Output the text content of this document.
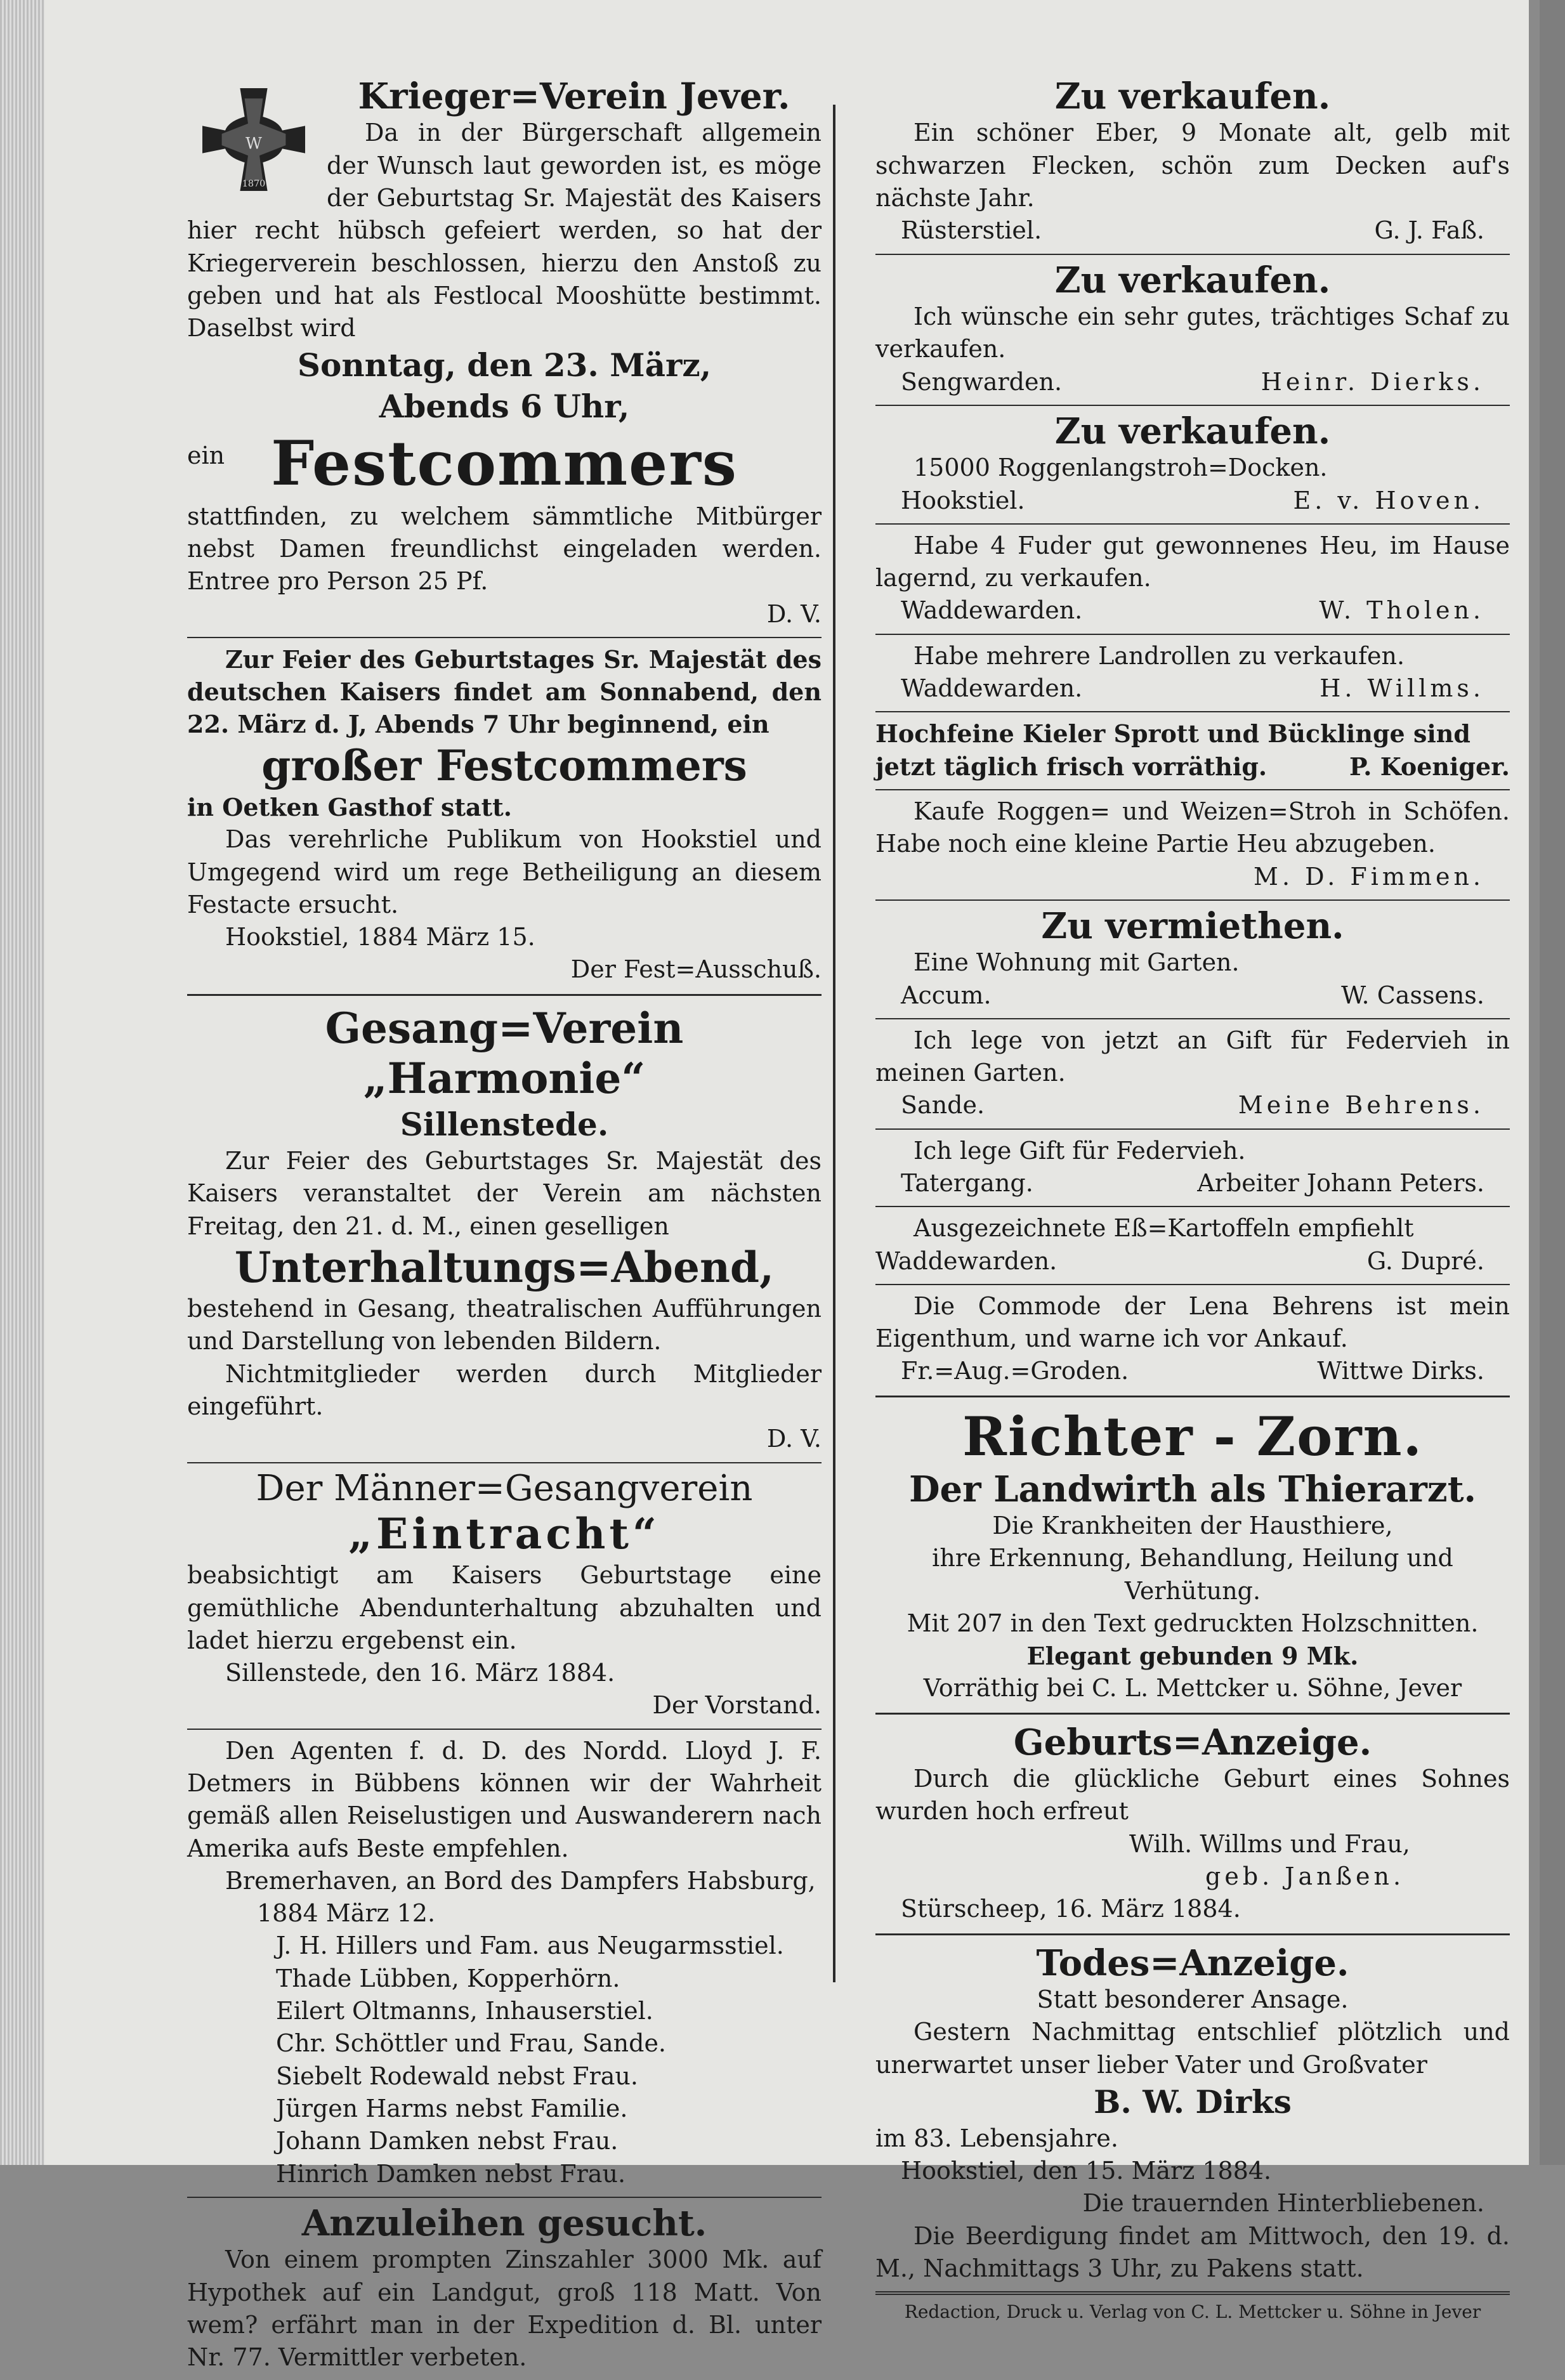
W
1870
Krieger=Verein Jever.

Da in der Bürgerschaft allgemein der Wunsch laut geworden ist, es möge der Geburtstag Sr. Majestät des Kaisers hier recht hübsch gefeiert werden, so hat der Kriegerverein beschlossen, hierzu den Anstoß zu geben und hat als Festlocal Mooshütte bestimmt. Daselbst wird

Sonntag, den 23. März,
Abends 6 Uhr,
ein Festcommers

stattfinden, zu welchem sämmtliche Mitbürger nebst Damen freundlichst eingeladen werden. Entree pro Person 25 Pf.

D. V.

Zur Feier des Geburtstages Sr. Majestät des deutschen Kaisers findet am Sonnabend, den 22. März d. J, Abends 7 Uhr beginnend, ein

großer Festcommers

in Oetken Gasthof statt.

Das verehrliche Publikum von Hookstiel und Umgegend wird um rege Betheiligung an diesem Festacte ersucht.

Hookstiel, 1884 März 15.

Der Fest=Ausschuß.
Gesang=Verein „Harmonie“
Sillenstede.

Zur Feier des Geburtstages Sr. Majestät des Kaisers veranstaltet der Verein am nächsten Freitag, den 21. d. M., einen geselligen

Unterhaltungs=Abend,

bestehend in Gesang, theatralischen Aufführungen und Darstellung von lebenden Bildern.

Nichtmitglieder werden durch Mitglieder eingeführt.

D. V.
Der Männer=Gesangverein
„Eintracht“

beabsichtigt am Kaisers Geburtstage eine gemüthliche Abendunterhaltung abzuhalten und ladet hierzu ergebenst ein.

Sillenstede, den 16. März 1884.

Der Vorstand.

Den Agenten f. d. D. des Nordd. Lloyd J. F. Detmers in Bübbens können wir der Wahrheit gemäß allen Reiselustigen und Auswanderern nach Amerika aufs Beste empfehlen.

Bremerhaven, an Bord des Dampfers Habsburg,

1884 März 12.

J. H. Hillers und Fam. aus Neugarmsstiel.
Thade Lübben, Kopperhörn.
Eilert Oltmanns, Inhauserstiel.
Chr. Schöttler und Frau, Sande.
Siebelt Rodewald nebst Frau.
Jürgen Harms nebst Familie.
Johann Damken nebst Frau.
Hinrich Damken nebst Frau.
Anzuleihen gesucht.

Von einem prompten Zinszahler 3000 Mk. auf Hypothek auf ein Landgut, groß 118 Matt. Von wem? erfährt man in der Expedition d. Bl. unter Nr. 77. Vermittler verbeten.

Zu verkaufen.

Ein schöner Eber, 9 Monate alt, gelb mit schwarzen Flecken, schön zum Decken auf's nächste Jahr.

Rüsterstiel.	G. J. Faß.
Zu verkaufen.

Ich wünsche ein sehr gutes, trächtiges Schaf zu verkaufen.

Sengwarden.	Heinr. Dierks.
Zu verkaufen.

15000 Roggenlangstroh=Docken.

Hookstiel.	E. v. Hoven.

Habe 4 Fuder gut gewonnenes Heu, im Hause lagernd, zu verkaufen.

Waddewarden.	W. Tholen.

Habe mehrere Landrollen zu verkaufen.

Waddewarden.	H. Willms.

Hochfeine Kieler Sprott und Bücklinge sind

jetzt täglich frisch vorräthig.	P. Koeniger.

Kaufe Roggen= und Weizen=Stroh in Schöfen. Habe noch eine kleine Partie Heu abzugeben.

M. D. Fimmen.
Zu vermiethen.

Eine Wohnung mit Garten.

Accum.	W. Cassens.

Ich lege von jetzt an Gift für Federvieh in meinen Garten.

Sande.	Meine Behrens.

Ich lege Gift für Federvieh.

Tatergang.	Arbeiter Johann Peters.

Ausgezeichnete Eß=Kartoffeln empfiehlt

Waddewarden.	G. Dupré.

Die Commode der Lena Behrens ist mein Eigenthum, und warne ich vor Ankauf.

Fr.=Aug.=Groden.	Wittwe Dirks.
Richter - Zorn.
Der Landwirth als Thierarzt.
Die Krankheiten der Hausthiere,
ihre Erkennung, Behandlung, Heilung und Verhütung.
Mit 207 in den Text gedruckten Holzschnitten.
Elegant gebunden 9 Mk.
Vorräthig bei C. L. Mettcker u. Söhne, Jever
Geburts=Anzeige.

Durch die glückliche Geburt eines Sohnes wurden hoch erfreut

Wilh. Willms und Frau,
geb. Janßen.
Stürscheep, 16. März 1884.
Todes=Anzeige.
Statt besonderer Ansage.

Gestern Nachmittag entschlief plötzlich und unerwartet unser lieber Vater und Großvater

B. W. Dirks
im 83. Lebensjahre.
Hookstiel, den 15. März 1884.
Die trauernden Hinterbliebenen.

Die Beerdigung findet am Mittwoch, den 19. d. M., Nachmittags 3 Uhr, zu Pakens statt.

Redaction, Druck u. Verlag von C. L. Mettcker u. Söhne in Jever
